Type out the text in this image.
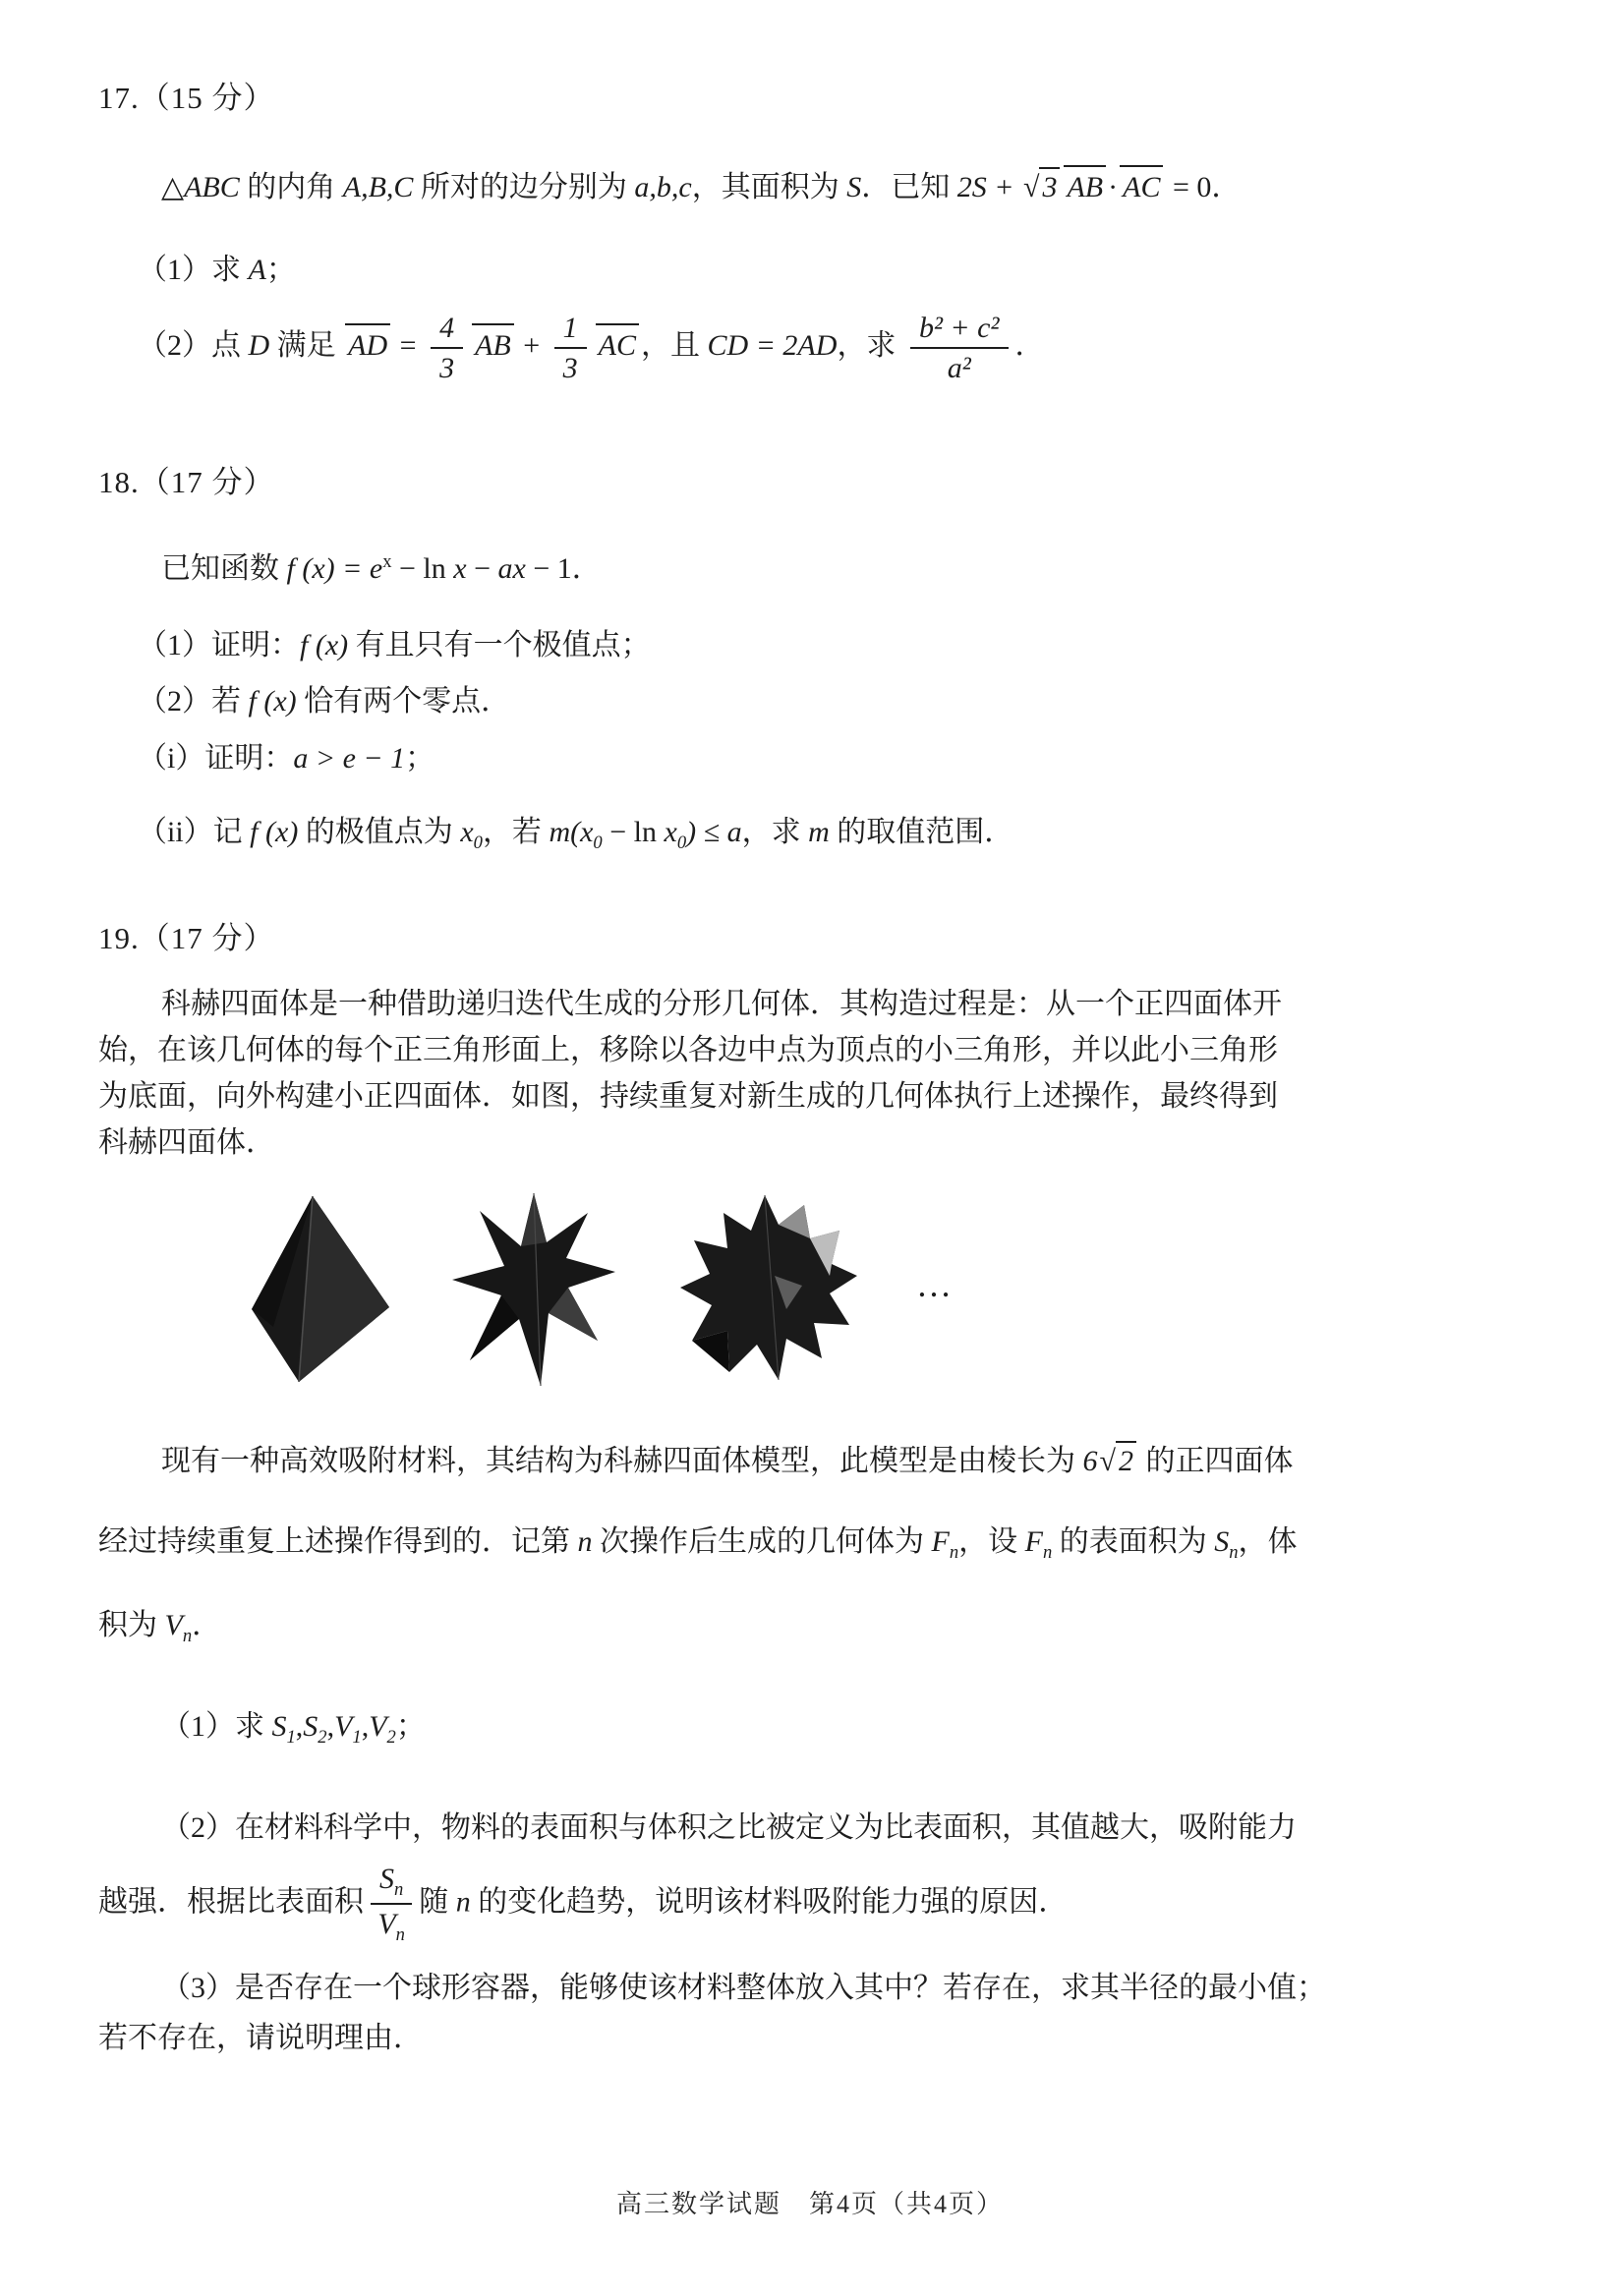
17.（15 分）

△ABC 的内角 A,B,C 所对的边分别为 a,b,c，其面积为 S．已知 2S + √ 3 AB · AC = 0．

（1）求 A；

（2）点 D 满足 AD = $\frac{4}{3}$ AB + $\frac{1}{3}$ AC ，且 CD = 2AD，求 $\frac{\text{b² + c²}}{\text{a²}}$ ．

18.（17 分）

已知函数 f $(x) = e^x - \ln x$ − ax − 1．

（1）证明：f (x) 有且只有一个极值点；

（2）若 f (x) 恰有两个零点．

（i）证明：a > e − 1；

（ii）记 f (x) 的极值点为 $x_0$，若 $m(x_0 - \ln x_0) \le a$，求 m 的取值范围．

19.（17 分）

科赫四面体是一种借助递归迭代生成的分形几何体．其构造过程是：从一个正四面体开
始，在该几何体的每个正三角形面上，移除以各边中点为顶点的小三角形，并以此小三角形
为底面，向外构建小正四面体．如图，持续重复对新生成的几何体执行上述操作，最终得到
科赫四面体．

…

现有一种高效吸附材料，其结构为科赫四面体模型，此模型是由棱长为 6√ 2 的正四面体

经过持续重复上述操作得到的．记第 n 次操作后生成的几何体为 $F_n$，设 $F_n$ 的表面积为 $S_n$，体

积为 $V_n$．

（1）求 $S_1,S_2,V_1,V_2$；

（2）在材料科学中，物料的表面积与体积之比被定义为比表面积，其值越大，吸附能力

越强．根据比表面积 $\frac{S_n}{V_n}$ 随 n 的变化趋势，说明该材料吸附能力强的原因．

（3）是否存在一个球形容器，能够使该材料整体放入其中？若存在，求其半径的最小值；

若不存在，请说明理由．

高三数学试题　第4页（共4页）
